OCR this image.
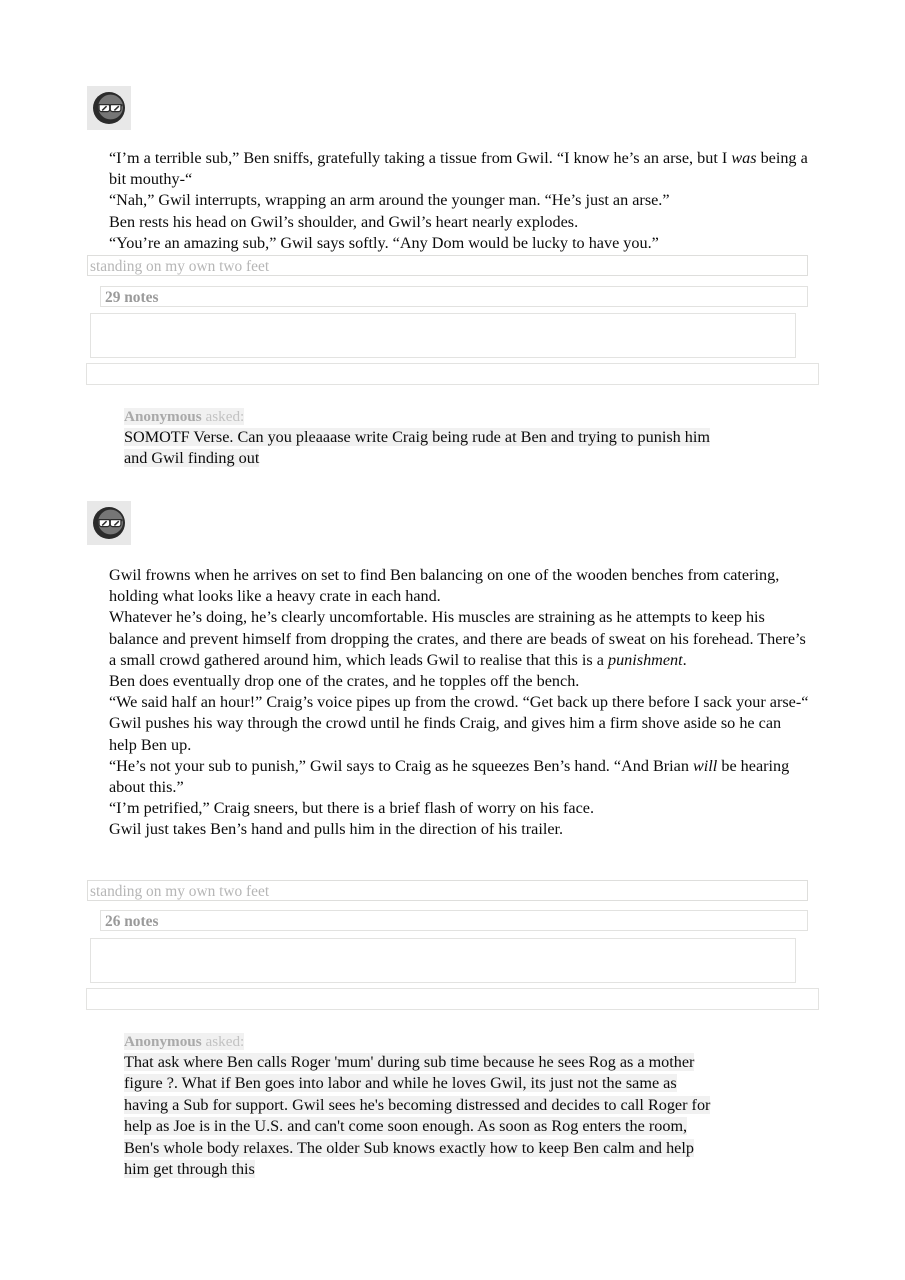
“I’m a terrible sub,” Ben sniffs, gratefully taking a tissue from Gwil. “I know he’s an arse, but I was being a bit mouthy-“

“Nah,” Gwil interrupts, wrapping an arm around the younger man. “He’s just an arse.”

Ben rests his head on Gwil’s shoulder, and Gwil’s heart nearly explodes.

“You’re an amazing sub,” Gwil says softly. “Any Dom would be lucky to have you.”

standing on my own two feet
29 notes
Anonymous asked:
SOMOTF Verse. Can you pleaaase write Craig being rude at Ben and trying to punish him and Gwil finding out

Gwil frowns when he arrives on set to find Ben balancing on one of the wooden benches from catering, holding what looks like a heavy crate in each hand.

Whatever he’s doing, he’s clearly uncomfortable. His muscles are straining as he attempts to keep his balance and prevent himself from dropping the crates, and there are beads of sweat on his forehead. There’s a small crowd gathered around him, which leads Gwil to realise that this is a punishment.

Ben does eventually drop one of the crates, and he topples off the bench.

“We said half an hour!” Craig’s voice pipes up from the crowd. “Get back up there before I sack your arse-“

Gwil pushes his way through the crowd until he finds Craig, and gives him a firm shove aside so he can help Ben up.

“He’s not your sub to punish,” Gwil says to Craig as he squeezes Ben’s hand. “And Brian will be hearing about this.”

“I’m petrified,” Craig sneers, but there is a brief flash of worry on his face.

Gwil just takes Ben’s hand and pulls him in the direction of his trailer.

standing on my own two feet
26 notes
Anonymous asked:
That ask where Ben calls Roger 'mum' during sub time because he sees Rog as a mother figure ?. What if Ben goes into labor and while he loves Gwil, its just not the same as having a Sub for support. Gwil sees he's becoming distressed and decides to call Roger for help as Joe is in the U.S. and can't come soon enough. As soon as Rog enters the room, Ben's whole body relaxes. The older Sub knows exactly how to keep Ben calm and help him get through this
